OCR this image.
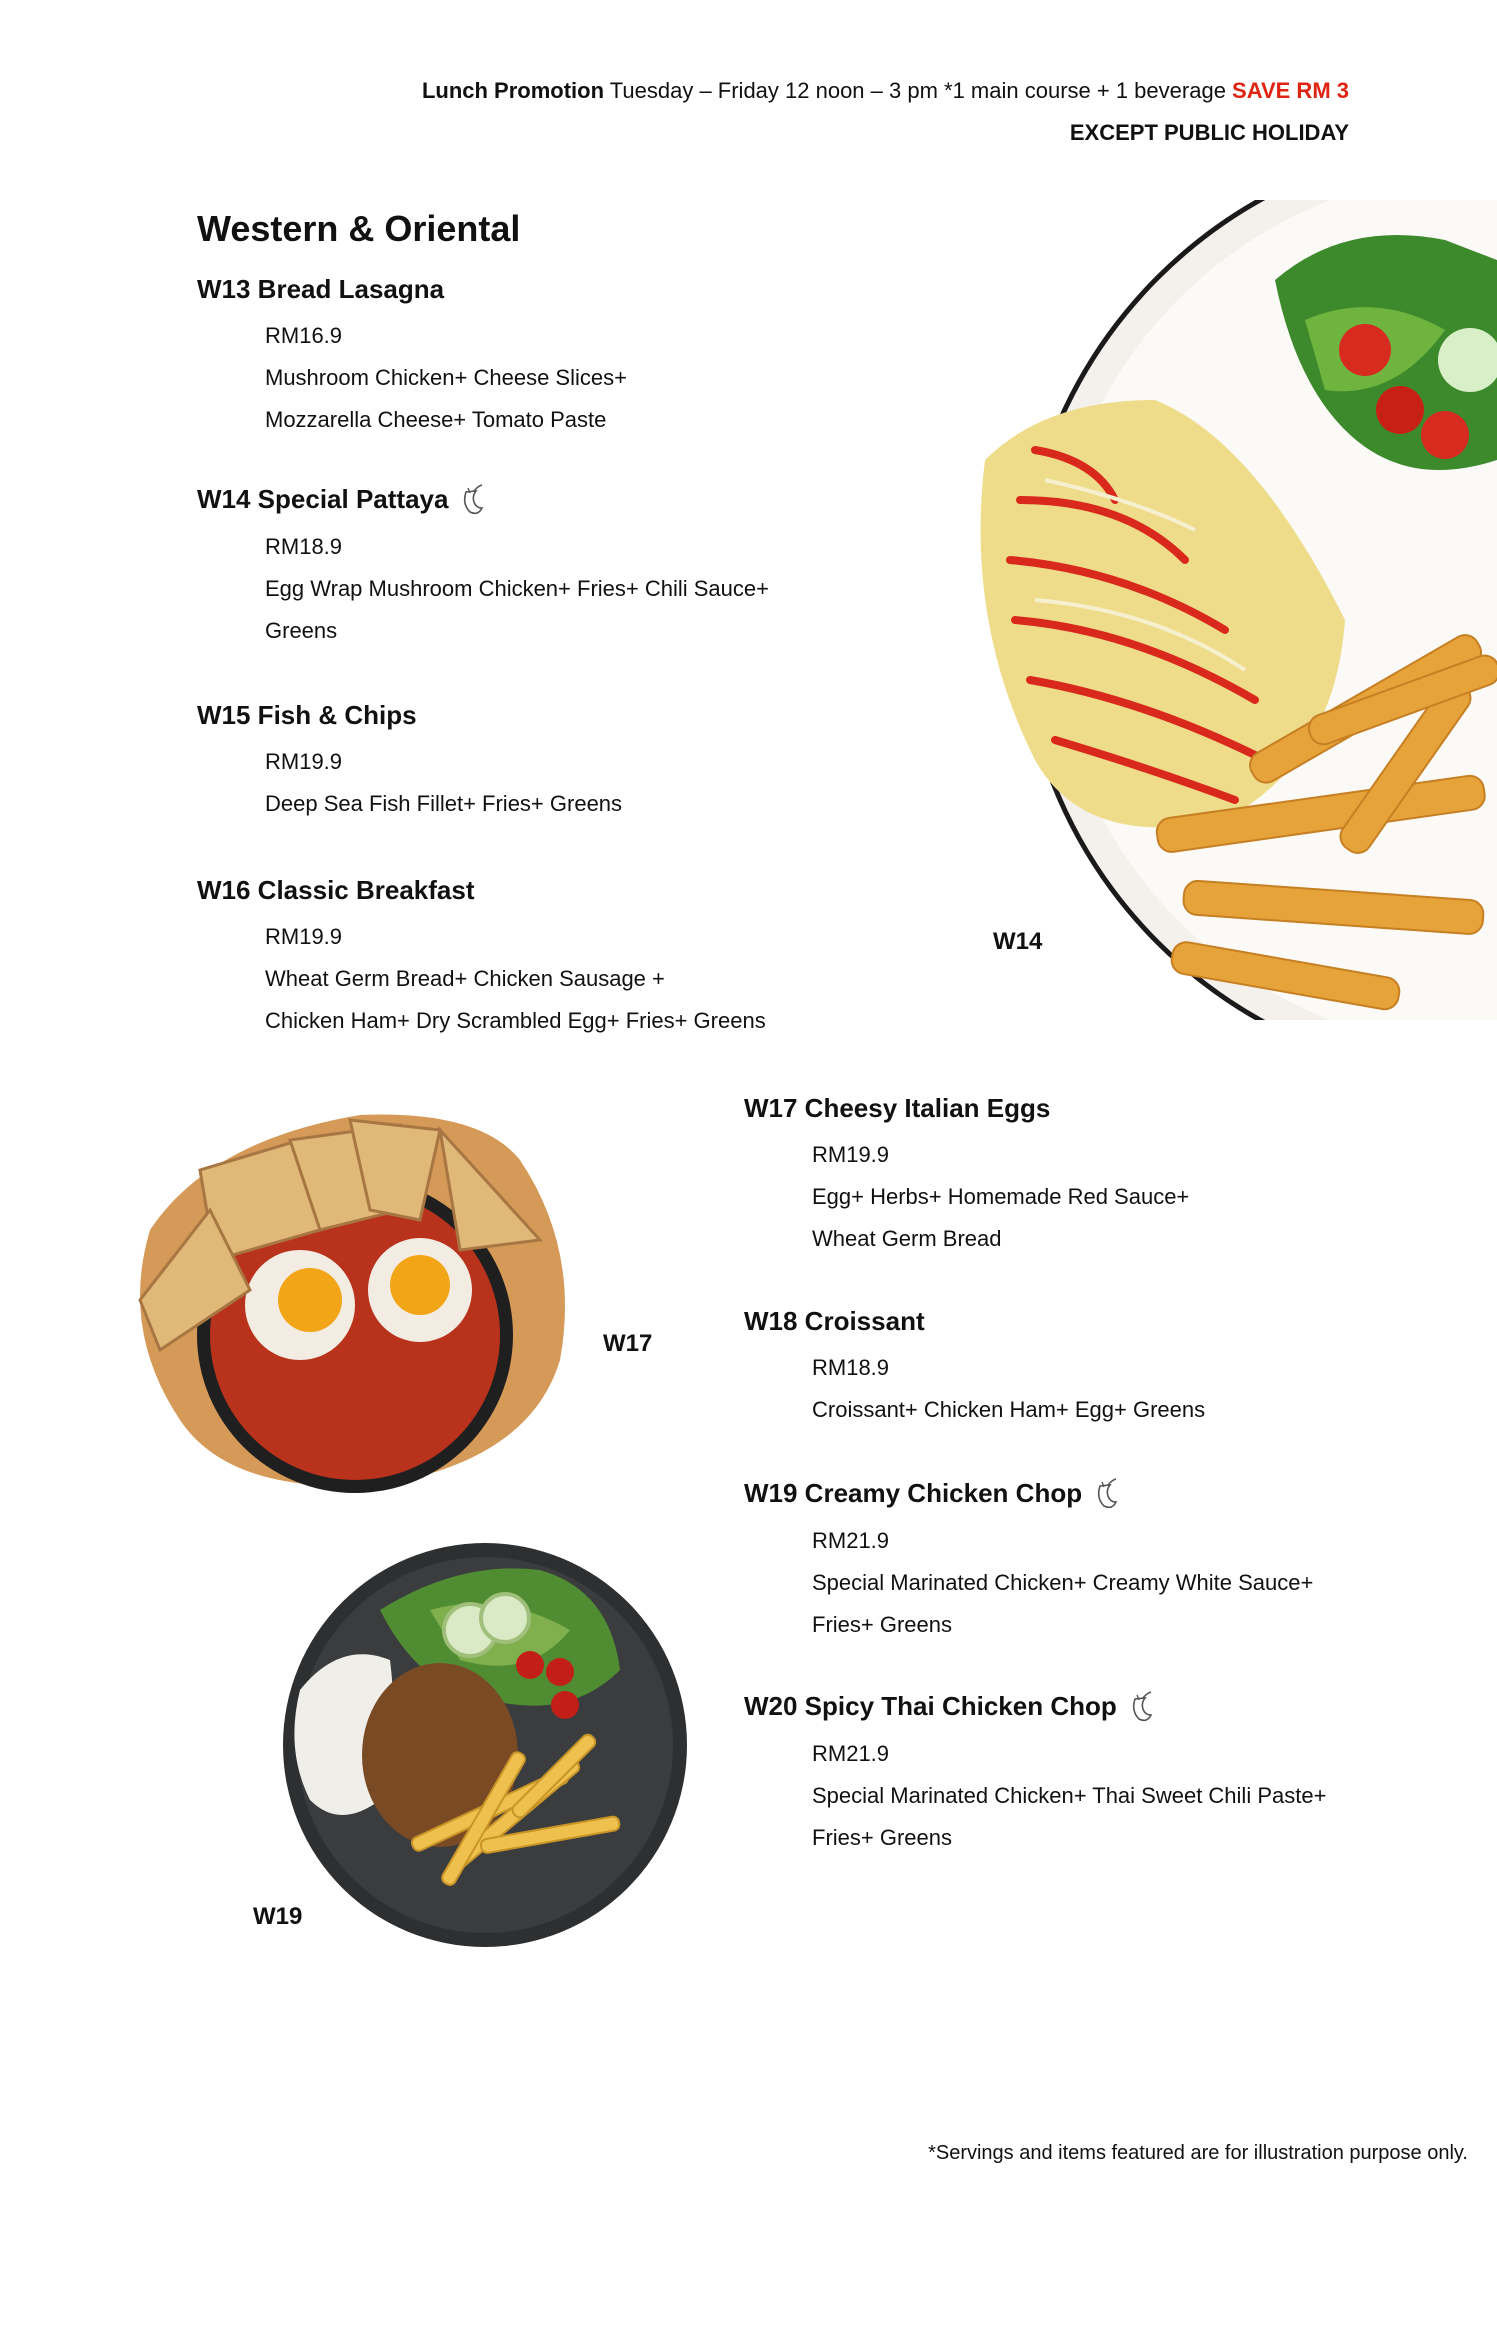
Lunch Promotion Tuesday – Friday 12 noon – 3 pm *1 main course + 1 beverage SAVE RM 3
EXCEPT PUBLIC HOLIDAY
Western & Oriental
W14
W17
W19
W13 Bread Lasagna
RM16.9
Mushroom Chicken+ Cheese Slices+
Mozzarella Cheese+ Tomato Paste
W14 Special Pattaya
RM18.9
Egg Wrap Mushroom Chicken+ Fries+ Chili Sauce+
Greens
W15 Fish & Chips
RM19.9
Deep Sea Fish Fillet+ Fries+ Greens
W16 Classic Breakfast
RM19.9
Wheat Germ Bread+ Chicken Sausage +
Chicken Ham+ Dry Scrambled Egg+ Fries+ Greens
W17 Cheesy Italian Eggs
RM19.9
Egg+ Herbs+ Homemade Red Sauce+
Wheat Germ Bread
W18 Croissant
RM18.9
Croissant+ Chicken Ham+ Egg+ Greens
W19 Creamy Chicken Chop
RM21.9
Special Marinated Chicken+ Creamy White Sauce+
Fries+ Greens
W20 Spicy Thai Chicken Chop
RM21.9
Special Marinated Chicken+ Thai Sweet Chili Paste+
Fries+ Greens
*Servings and items featured are for illustration purpose only.
